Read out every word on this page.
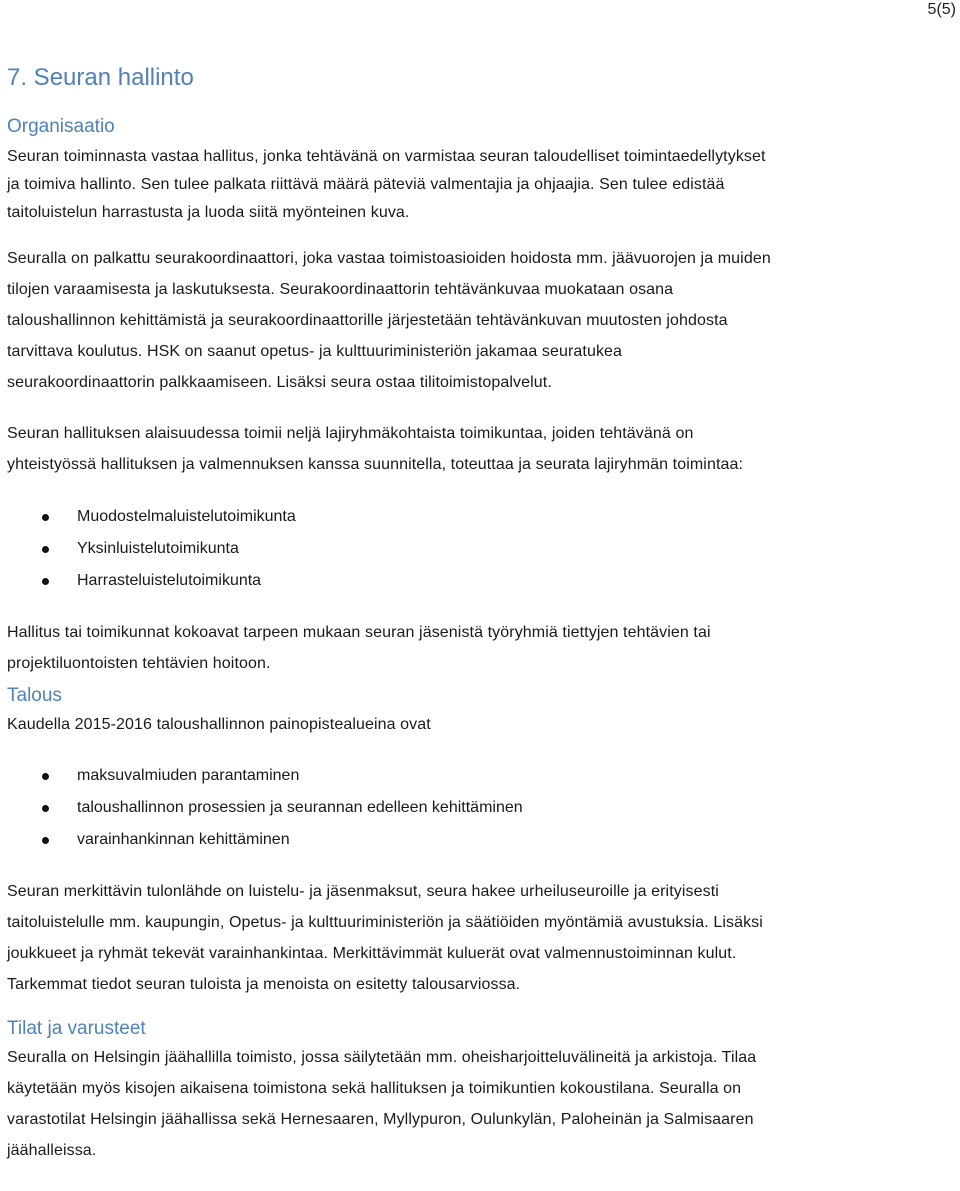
5(5)
7. Seuran hallinto
Organisaatio

Seuran toiminnasta vastaa hallitus, jonka tehtävänä on varmistaa seuran taloudelliset toimintaedellytykset
ja toimiva hallinto. Sen tulee palkata riittävä määrä päteviä valmentajia ja ohjaajia. Sen tulee edistää
taitoluistelun harrastusta ja luoda siitä myönteinen kuva.

Seuralla on palkattu seurakoordinaattori, joka vastaa toimistoasioiden hoidosta mm. jäävuorojen ja muiden
tilojen varaamisesta ja laskutuksesta. Seurakoordinaattorin tehtävänkuvaa muokataan osana
taloushallinnon kehittämistä ja seurakoordinaattorille järjestetään tehtävänkuvan muutosten johdosta
tarvittava koulutus. HSK on saanut opetus- ja kulttuuriministeriön jakamaa seuratukea
seurakoordinaattorin palkkaamiseen. Lisäksi seura ostaa tilitoimistopalvelut.

Seuran hallituksen alaisuudessa toimii neljä lajiryhmäkohtaista toimikuntaa, joiden tehtävänä on
yhteistyössä hallituksen ja valmennuksen kanssa suunnitella, toteuttaa ja seurata lajiryhmän toimintaa:

Muodostelmaluistelutoimikunta
Yksinluistelutoimikunta
Harrasteluistelutoimikunta

Hallitus tai toimikunnat kokoavat tarpeen mukaan seuran jäsenistä työryhmiä tiettyjen tehtävien tai
projektiluontoisten tehtävien hoitoon.

Talous

Kaudella 2015-2016 taloushallinnon painopistealueina ovat

maksuvalmiuden parantaminen
taloushallinnon prosessien ja seurannan edelleen kehittäminen
varainhankinnan kehittäminen

Seuran merkittävin tulonlähde on luistelu- ja jäsenmaksut, seura hakee urheiluseuroille ja erityisesti
taitoluistelulle mm. kaupungin, Opetus- ja kulttuuriministeriön ja säätiöiden myöntämiä avustuksia. Lisäksi
joukkueet ja ryhmät tekevät varainhankintaa. Merkittävimmät kuluerät ovat valmennustoiminnan kulut.
Tarkemmat tiedot seuran tuloista ja menoista on esitetty talousarviossa.

Tilat ja varusteet

Seuralla on Helsingin jäähallilla toimisto, jossa säilytetään mm. oheisharjoitteluvälineitä ja arkistoja. Tilaa
käytetään myös kisojen aikaisena toimistona sekä hallituksen ja toimikuntien kokoustilana. Seuralla on
varastotilat Helsingin jäähallissa sekä Hernesaaren, Myllypuron, Oulunkylän, Paloheinän ja Salmisaaren
jäähalleissa.
